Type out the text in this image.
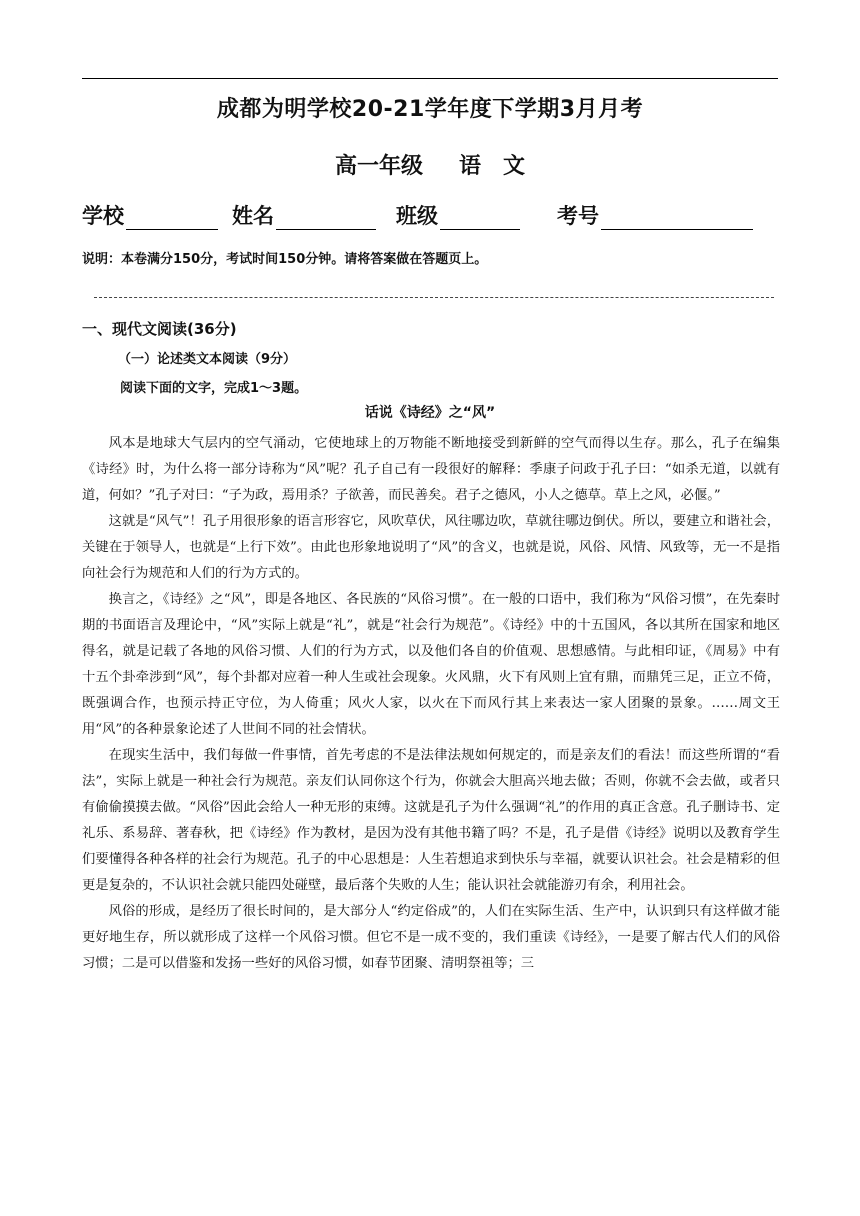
成都为明学校20-21学年度下学期3月月考
高一年级 语　文
学校	姓名	班级	考号
说明：本卷满分150分，考试时间150分钟。请将答案做在答题页上。
一、现代文阅读(36分)
（一）论述类文本阅读（9分）
阅读下面的文字，完成1～3题。
话说《诗经》之“风”

风本是地球大气层内的空气涌动，它使地球上的万物能不断地接受到新鲜的空气而得以生存。那么，孔子在编集《诗经》时，为什么将一部分诗称为“风”呢？孔子自己有一段很好的解释：季康子问政于孔子曰：“如杀无道，以就有道，何如？”孔子对曰：“子为政，焉用杀？子欲善，而民善矣。君子之德风，小人之德草。草上之风，必偃。”

这就是“风气”！孔子用很形象的语言形容它，风吹草伏，风往哪边吹，草就往哪边倒伏。所以，要建立和谐社会，关键在于领导人，也就是“上行下效”。由此也形象地说明了“风”的含义，也就是说，风俗、风情、风致等，无一不是指向社会行为规范和人们的行为方式的。

换言之，《诗经》之“风”，即是各地区、各民族的“风俗习惯”。在一般的口语中，我们称为“风俗习惯”，在先秦时期的书面语言及理论中，“风”实际上就是“礼”，就是“社会行为规范”。《诗经》中的十五国风，各以其所在国家和地区得名，就是记载了各地的风俗习惯、人们的行为方式，以及他们各自的价值观、思想感情。与此相印证，《周易》中有十五个卦牵涉到“风”，每个卦都对应着一种人生或社会现象。火风鼎，火下有风则上宜有鼎，而鼎凭三足，正立不倚，既强调合作，也预示持正守位，为人倚重；风火人家，以火在下而风行其上来表达一家人团聚的景象。……周文王用“风”的各种景象论述了人世间不同的社会情状。

在现实生活中，我们每做一件事情，首先考虑的不是法律法规如何规定的，而是亲友们的看法！而这些所谓的“看法”，实际上就是一种社会行为规范。亲友们认同你这个行为，你就会大胆高兴地去做；否则，你就不会去做，或者只有偷偷摸摸去做。“风俗”因此会给人一种无形的束缚。这就是孔子为什么强调“礼”的作用的真正含意。孔子删诗书、定礼乐、系易辞、著春秋，把《诗经》作为教材，是因为没有其他书籍了吗？不是，孔子是借《诗经》说明以及教育学生们要懂得各种各样的社会行为规范。孔子的中心思想是：人生若想追求到快乐与幸福，就要认识社会。社会是精彩的但更是复杂的，不认识社会就只能四处碰壁，最后落个失败的人生；能认识社会就能游刃有余，利用社会。

风俗的形成，是经历了很长时间的，是大部分人“约定俗成”的，人们在实际生活、生产中，认识到只有这样做才能更好地生存，所以就形成了这样一个风俗习惯。但它不是一成不变的，我们重读《诗经》，一是要了解古代人们的风俗习惯；二是可以借鉴和发扬一些好的风俗习惯，如春节团聚、清明祭祖等；三
